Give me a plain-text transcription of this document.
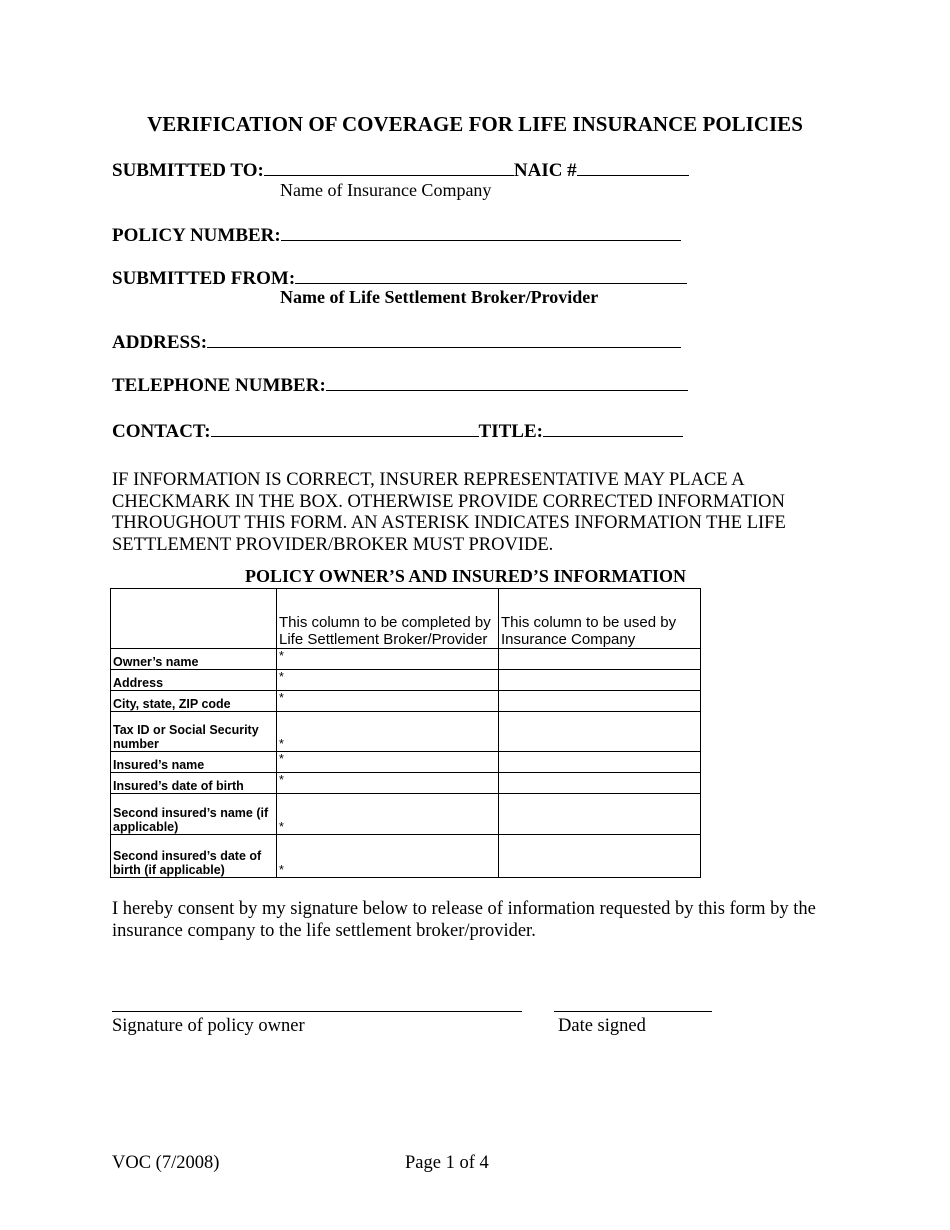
VERIFICATION OF COVERAGE FOR LIFE INSURANCE POLICIES
SUBMITTED TO:	NAIC #
Name of Insurance Company
POLICY NUMBER:
SUBMITTED FROM:
Name of Life Settlement Broker/Provider
ADDRESS:
TELEPHONE NUMBER:
CONTACT:	TITLE:
IF INFORMATION IS CORRECT, INSURER REPRESENTATIVE MAY PLACE A CHECKMARK IN THE BOX. OTHERWISE PROVIDE CORRECTED INFORMATION THROUGHOUT THIS FORM. AN ASTERISK INDICATES INFORMATION THE LIFE SETTLEMENT PROVIDER/BROKER MUST PROVIDE.
POLICY OWNER’S AND INSURED’S INFORMATION
	This column to be completed by Life Settlement Broker/Provider	This column to be used by Insurance Company
Owner’s name	*	
Address	*	
City, state, ZIP code	*	
Tax ID or Social Security number	*	
Insured’s name	*	
Insured’s date of birth	*	
Second insured’s name (if applicable)	*	
Second insured’s date of birth (if applicable)	*	
I hereby consent by my signature below to release of information requested by this form by the insurance company to the life settlement broker/provider.
Signature of policy owner	Date signed
VOC (7/2008)	Page 1 of 4
